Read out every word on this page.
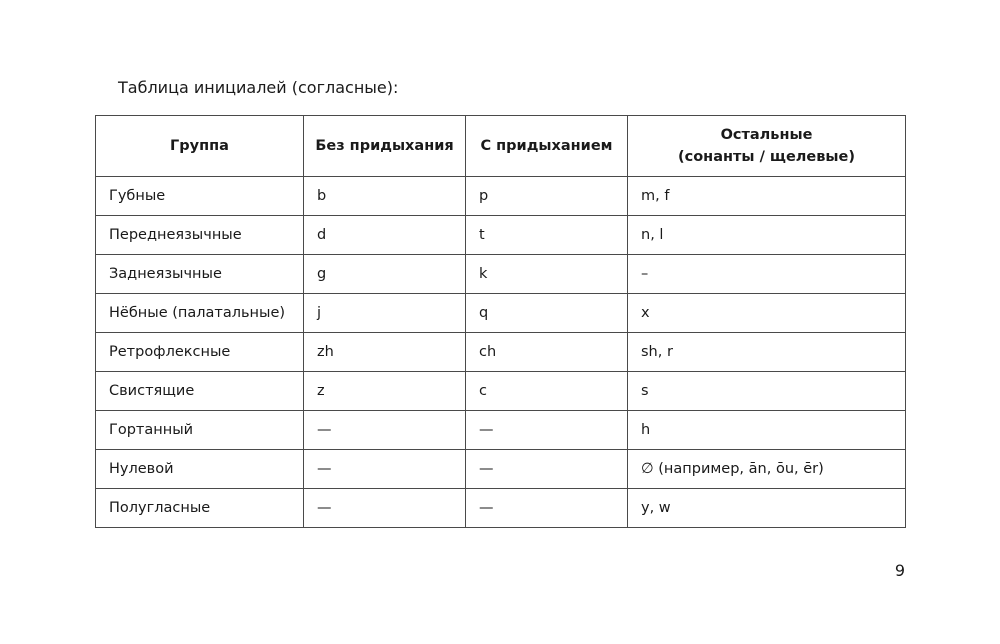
Таблица инициалей (согласные):
Группа	Без придыхания	С придыханием	Остальные
(сонанты / щелевые)

Губные	b	p	m, f
Переднеязычные	d	t	n, l
Заднеязычные	g	k	–
Нёбные (палатальные)	j	q	x
Ретрофлексные	zh	ch	sh, r
Свистящие	z	c	s
Гортанный	—	—	h
Нулевой	—	—	∅ (например, ān, ōu, ēr)
Полугласные	—	—	y, w
9
